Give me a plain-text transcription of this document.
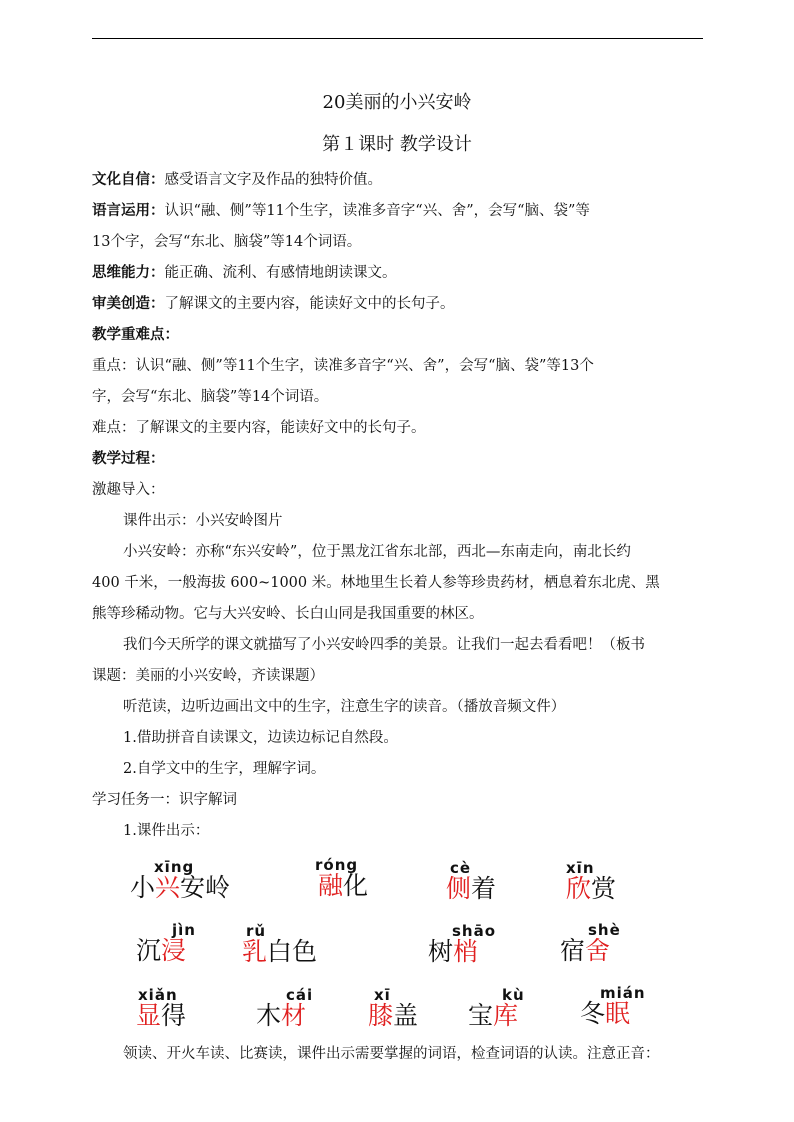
20美丽的小兴安岭
第１课时 教学设计
文化自信：感受语言文字及作品的独特价值。
语言运用：认识“融、侧”等11个生字，读准多音字“兴、舍”，会写“脑、袋”等
13个字，会写“东北、脑袋”等14个词语。
思维能力：能正确、流利、有感情地朗读课文。
审美创造：了解课文的主要内容，能读好文中的长句子。
教学重难点：
重点：认识“融、侧”等11个生字，读准多音字“兴、舍”，会写“脑、袋”等13个
字，会写“东北、脑袋”等14个词语。
难点：了解课文的主要内容，能读好文中的长句子。
教学过程：
激趣导入：
课件出示：小兴安岭图片
小兴安岭：亦称“东兴安岭”，位于黑龙江省东北部，西北—东南走向，南北长约
400 千米，一般海拔 600~1000 米。林地里生长着人参等珍贵药材，栖息着东北虎、黑
熊等珍稀动物。它与大兴安岭、长白山同是我国重要的林区。
我们今天所学的课文就描写了小兴安岭四季的美景。让我们一起去看看吧！（板书
课题：美丽的小兴安岭，齐读课题）
听范读，边听边画出文中的生字，注意生字的读音。（播放音频文件）
1.借助拼音自读课文，边读边标记自然段。
2.自学文中的生字，理解字词。
学习任务一：识字解词
1.课件出示：
xīng
小兴安岭
róng
融化
cè
侧着
xīn
欣赏
jìn
沉浸
rǔ
乳白色
shāo
树梢
shè
宿舍
xiǎn
显得
cái
木材
xī
膝盖
kù
宝库
mián
冬眠
领读、开火车读、比赛读，课件出示需要掌握的词语，检查词语的认读。注意正音：
